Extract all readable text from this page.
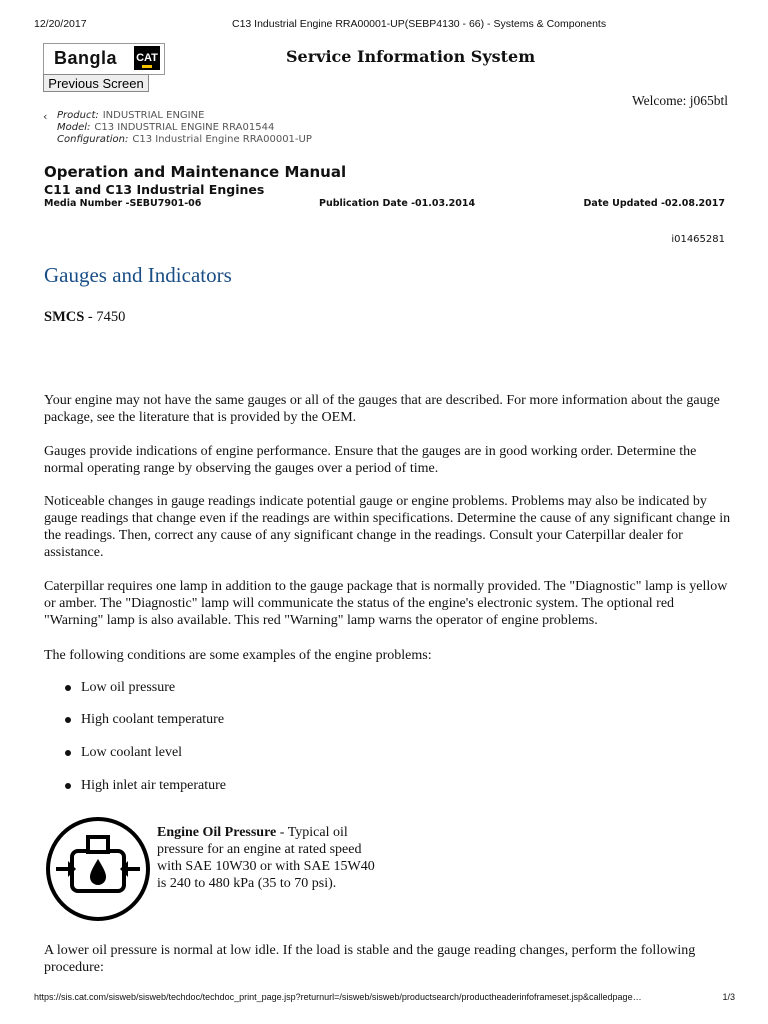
12/20/2017	C13 Industrial Engine RRA00001-UP(SEBP4130 - 66) - Systems & Components
Bangla CAT
Previous Screen
Service Information System
Welcome: j065btl
‹ Product: INDUSTRIAL ENGINE
Model: C13 INDUSTRIAL ENGINE RRA01544
Configuration: C13 Industrial Engine RRA00001-UP
Operation and Maintenance Manual
C11 and C13 Industrial Engines
Media Number -SEBU7901-06	Publication Date -01.03.2014	Date Updated -02.08.2017
i01465281
Gauges and Indicators
SMCS - 7450

Your engine may not have the same gauges or all of the gauges that are described. For more information about the gauge package, see the literature that is provided by the OEM.

Gauges provide indications of engine performance. Ensure that the gauges are in good working order. Determine the normal operating range by observing the gauges over a period of time.

Noticeable changes in gauge readings indicate potential gauge or engine problems. Problems may also be indicated by gauge readings that change even if the readings are within specifications. Determine the cause of any significant change in the readings. Then, correct any cause of any significant change in the readings. Consult your Caterpillar dealer for assistance.

Caterpillar requires one lamp in addition to the gauge package that is normally provided. The "Diagnostic" lamp is yellow or amber. The "Diagnostic" lamp will communicate the status of the engine's electronic system. The optional red "Warning" lamp is also available. This red "Warning" lamp warns the operator of engine problems.

The following conditions are some examples of the engine problems:

Low oil pressure
High coolant temperature
Low coolant level
High inlet air temperature

Engine Oil Pressure - Typical oil pressure for an engine at rated speed with SAE 10W30 or with SAE 15W40 is 240 to 480 kPa (35 to 70 psi).

A lower oil pressure is normal at low idle. If the load is stable and the gauge reading changes, perform the following procedure:

https://sis.cat.com/sisweb/sisweb/techdoc/techdoc_print_page.jsp?returnurl=/sisweb/sisweb/productsearch/productheaderinfoframeset.jsp&calledpage…	1/3
